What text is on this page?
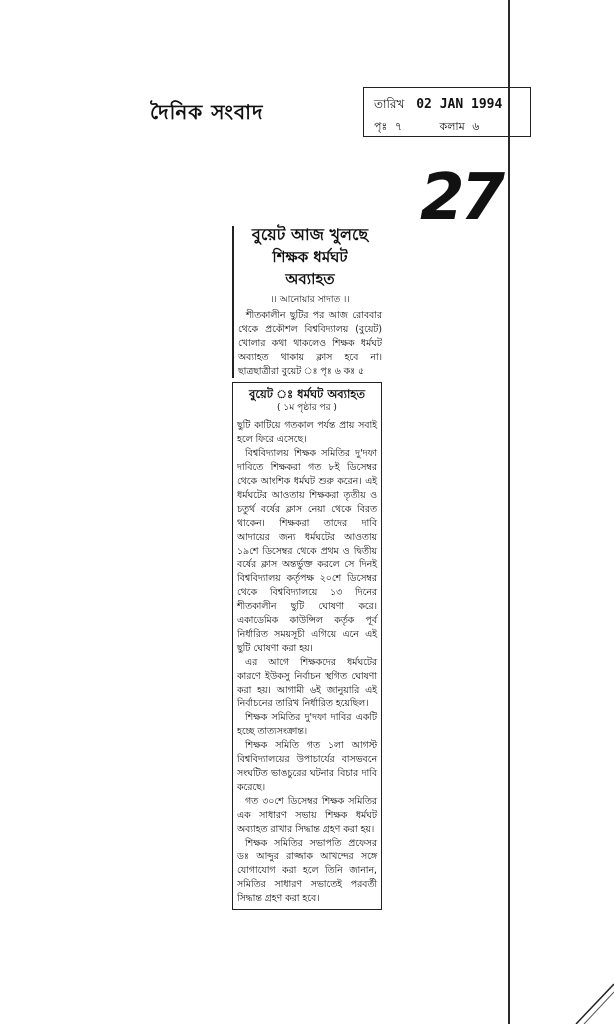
দৈনিক সংবাদ	তারিখ 02 JAN 1994
পৃঃ ৭	কলাম ৬
27
বুয়েট আজ খুলছে
শিক্ষক ধর্মঘট
অব্যাহত
।। আনোয়ার সাদাত ।।

শীতকালীন ছুটির পর আজ রোববার থেকে প্রকৌশল বিশ্ববিদ্যালয় (বুয়েট) খোলার কথা থাকলেও শিক্ষক ধর্মঘট অব্যাহত থাকায় ক্লাস হবে না। ছাত্রছাত্রীরা বুয়েট ঃ পৃঃ ৬ কঃ ৫

বুয়েট ঃ ধর্মঘট অব্যাহত
( ১ম পৃষ্ঠার পর )

ছুটি কাটিয়ে গতকাল পর্যন্ত প্রায় সবাই হলে ফিরে এসেছে।

বিশ্ববিদ্যালয় শিক্ষক সমিতির দু'দফা দাবিতে শিক্ষকরা গত ৮ই ডিসেম্বর থেকে আংশিক ধর্মঘট শুরু করেন। এই ধর্মঘটের আওতায় শিক্ষকরা তৃতীয় ও চতুর্থ বর্ষের ক্লাস নেয়া থেকে বিরত থাকেন। শিক্ষকরা তাদের দাবি আদায়ের জন্য ধর্মঘটের আওতায় ১৯শে ডিসেম্বর থেকে প্রথম ও দ্বিতীয় বর্ষের ক্লাস অন্তর্ভুক্ত করলে সে দিনই বিশ্ববিদ্যালয় কর্তৃপক্ষ ২০শে ডিসেম্বর থেকে বিশ্ববিদ্যালয়ে ১৩ দিনের শীতকালীন ছুটি ঘোষণা করে। একাডেমিক কাউন্সিল কর্তৃক পূর্ব নির্ধারিত সময়সূচী এগিয়ে এনে এই ছুটি ঘোষণা করা হয়।

এর আগে শিক্ষকদের ধর্মঘটের কারণে ইউকসু নির্বাচন স্থগিত ঘোষণা করা হয়। আগামী ৬ই জানুয়ারি এই নির্বাচনের তারিখ নির্ধারিত হয়েছিল।

শিক্ষক সমিতির দু'দফা দাবির একটি হচ্ছে তাত্যসংক্রান্ত।

শিক্ষক সমিতি গত ১লা আগস্ট বিশ্ববিদ্যালয়ের উপাচার্যের বাসভবনে সংঘটিত ভাঙচুরের ঘটনার বিচার দাবি করেছে।

গত ৩০শে ডিসেম্বর শিক্ষক সমিতির এক সাধারণ সভায় শিক্ষক ধর্মঘট অব্যাহত রাখার সিদ্ধান্ত গ্রহণ করা হয়।

শিক্ষক সমিতির সভাপতি প্রফেসর ডঃ আব্দুর রাজ্জাক আখন্দের সঙ্গে যোগাযোগ করা হলে তিনি জানান, সমিতির সাধারণ সভাতেই পরবর্তী সিদ্ধান্ত গ্রহণ করা হবে।
